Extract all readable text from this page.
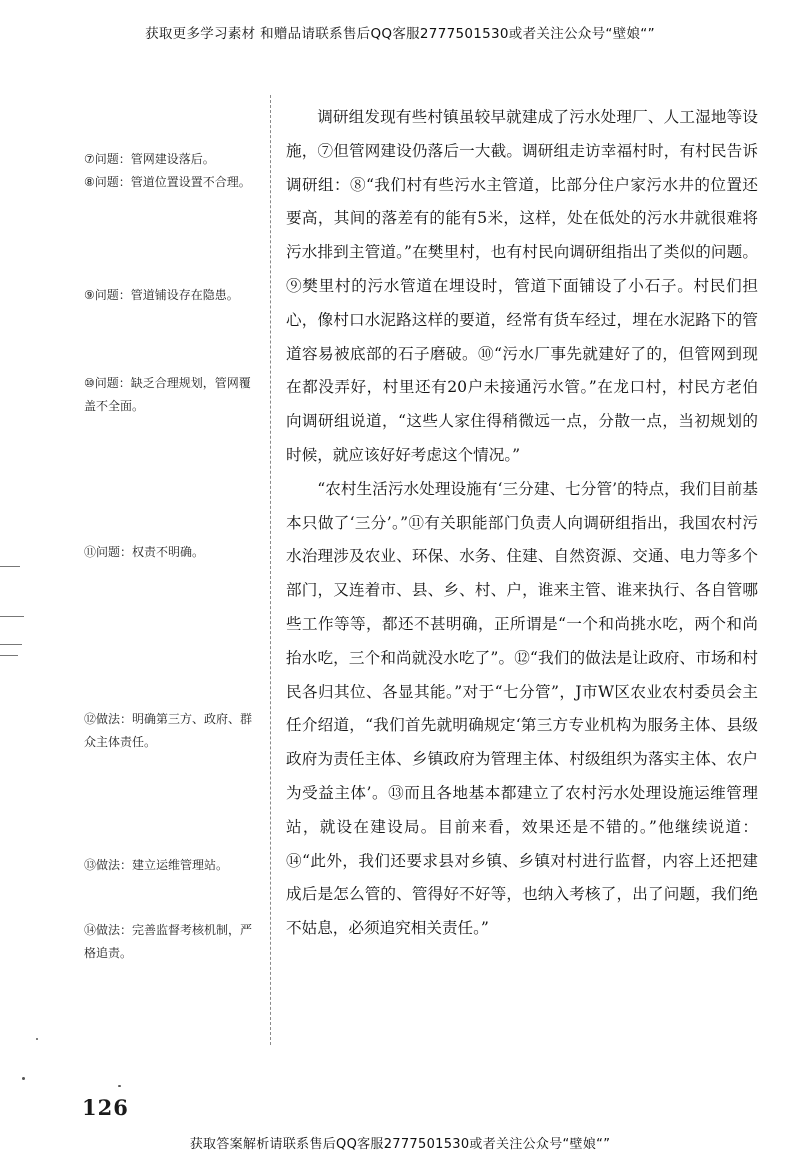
获取更多学习素材 和赠品请联系售后QQ客服2777501530或者关注公众号“壁娘“”
⑦问题：管网建设落后。
⑧问题：管道位置设置不合理。
⑨问题：管道铺设存在隐患。
⑩问题：缺乏合理规划，管网覆盖不全面。
⑪问题：权责不明确。
⑫做法：明确第三方、政府、群众主体责任。
⑬做法：建立运维管理站。
⑭做法：完善监督考核机制，严格追责。

调研组发现有些村镇虽较早就建成了污水处理厂、人工湿地等设施，⑦但管网建设仍落后一大截。调研组走访幸福村时，有村民告诉调研组：⑧“我们村有些污水主管道，比部分住户家污水井的位置还要高，其间的落差有的能有5米，这样，处在低处的污水井就很难将污水排到主管道。”在樊里村，也有村民向调研组指出了类似的问题。⑨樊里村的污水管道在埋设时，管道下面铺设了小石子。村民们担心，像村口水泥路这样的要道，经常有货车经过，埋在水泥路下的管道容易被底部的石子磨破。⑩“污水厂事先就建好了的，但管网到现在都没弄好，村里还有20户未接通污水管。”在龙口村，村民方老伯向调研组说道，“这些人家住得稍微远一点，分散一点，当初规划的时候，就应该好好考虑这个情况。”

“农村生活污水处理设施有‘三分建、七分管’的特点，我们目前基本只做了‘三分’。”⑪有关职能部门负责人向调研组指出，我国农村污水治理涉及农业、环保、水务、住建、自然资源、交通、电力等多个部门，又连着市、县、乡、村、户，谁来主管、谁来执行、各自管哪些工作等等，都还不甚明确，正所谓是“一个和尚挑水吃，两个和尚抬水吃，三个和尚就没水吃了”。⑫“我们的做法是让政府、市场和村民各归其位、各显其能。”对于“七分管”，J市W区农业农村委员会主任介绍道，“我们首先就明确规定‘第三方专业机构为服务主体、县级政府为责任主体、乡镇政府为管理主体、村级组织为落实主体、农户为受益主体’。⑬而且各地基本都建立了农村污水处理设施运维管理站，就设在建设局。目前来看，效果还是不错的。”他继续说道：⑭“此外，我们还要求县对乡镇、乡镇对村进行监督，内容上还把建成后是怎么管的、管得好不好等，也纳入考核了，出了问题，我们绝不姑息，必须追究相关责任。”

126
获取答案解析请联系售后QQ客服2777501530或者关注公众号“壁娘“”
